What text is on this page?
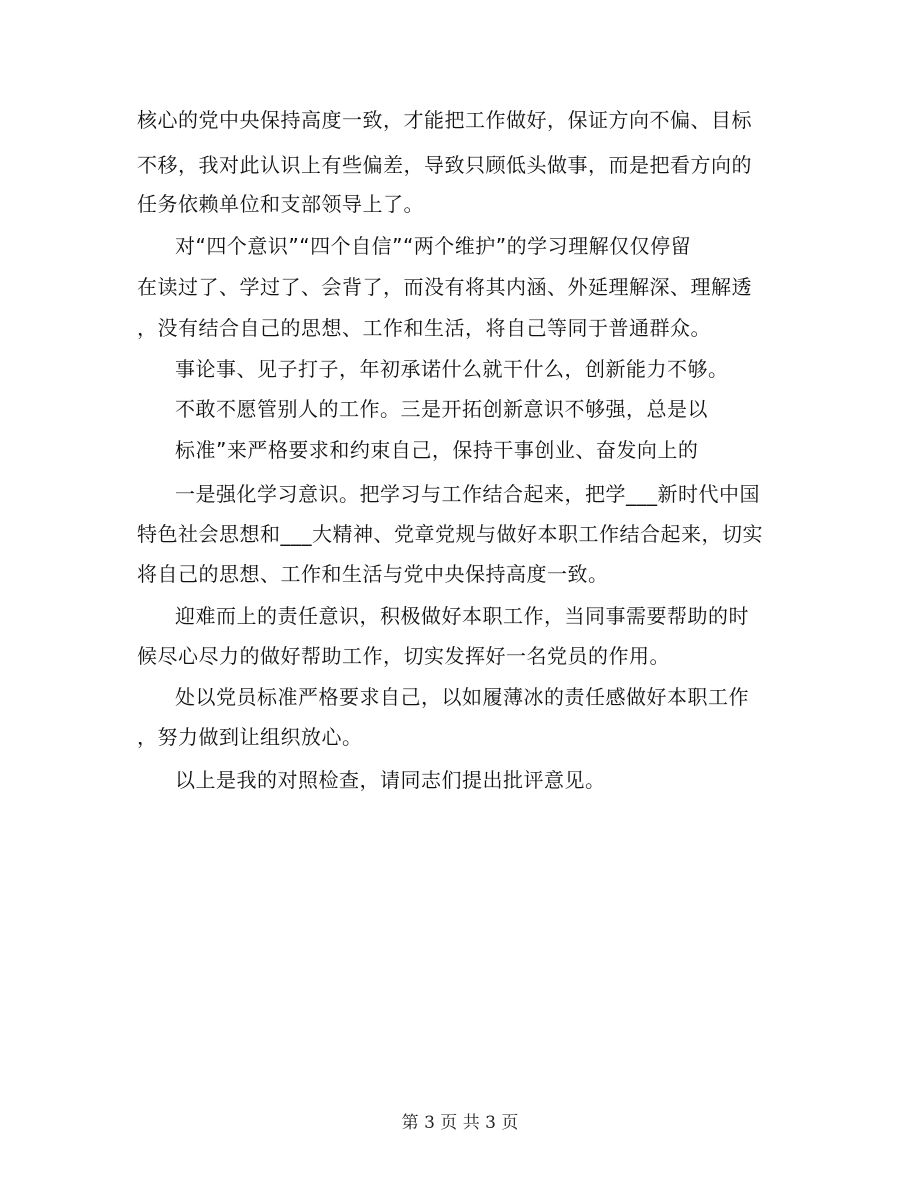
核心的党中央保持高度一致，才能把工作做好，保证方向不偏、目标
不移，我对此认识上有些偏差，导致只顾低头做事，而是把看方向的
任务依赖单位和支部领导上了。
对“四个意识”“四个自信”“两个维护”的学习理解仅仅停留
在读过了、学过了、会背了，而没有将其内涵、外延理解深、理解透
，没有结合自己的思想、工作和生活，将自己等同于普通群众。
事论事、见子打子，年初承诺什么就干什么，创新能力不够。
不敢不愿管别人的工作。三是开拓创新意识不够强，总是以
标准”来严格要求和约束自己，保持干事创业、奋发向上的
一是强化学习意识。把学习与工作结合起来，把学___新时代中国
特色社会思想和___大精神、党章党规与做好本职工作结合起来，切实
将自己的思想、工作和生活与党中央保持高度一致。
迎难而上的责任意识，积极做好本职工作，当同事需要帮助的时
候尽心尽力的做好帮助工作，切实发挥好一名党员的作用。
处以党员标准严格要求自己，以如履薄冰的责任感做好本职工作
，努力做到让组织放心。
以上是我的对照检查，请同志们提出批评意见。
第 3 页 共 3 页
